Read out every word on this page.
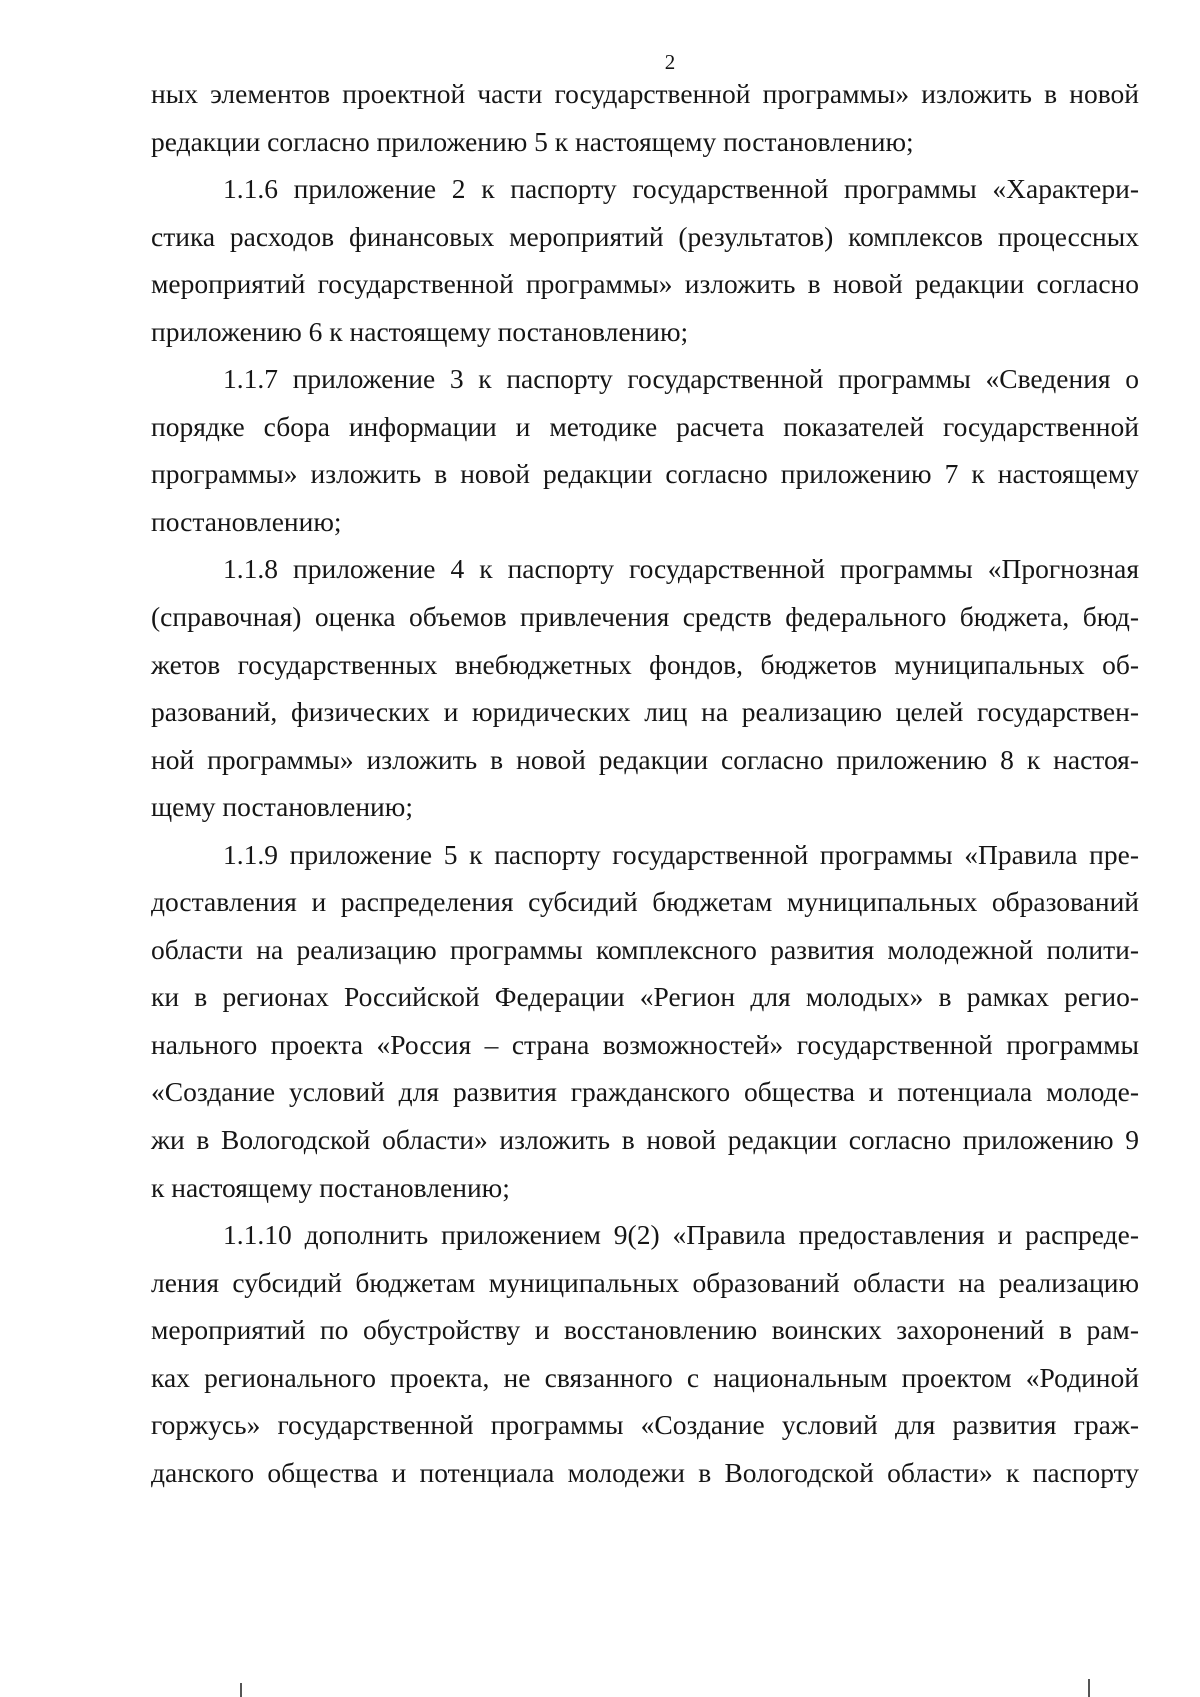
2
ных элементов проектной части государственной программы» изложить в новой
редакции согласно приложению 5 к настоящему постановлению;
1.1.6 приложение 2 к паспорту государственной программы «Характери-
стика расходов финансовых мероприятий (результатов) комплексов процессных
мероприятий государственной программы» изложить в новой редакции согласно
приложению 6 к настоящему постановлению;
1.1.7 приложение 3 к паспорту государственной программы «Сведения о
порядке сбора информации и методике расчета показателей государственной
программы» изложить в новой редакции согласно приложению 7 к настоящему
постановлению;
1.1.8 приложение 4 к паспорту государственной программы «Прогнозная
(справочная) оценка объемов привлечения средств федерального бюджета, бюд-
жетов государственных внебюджетных фондов, бюджетов муниципальных об-
разований, физических и юридических лиц на реализацию целей государствен-
ной программы» изложить в новой редакции согласно приложению 8 к настоя-
щему постановлению;
1.1.9 приложение 5 к паспорту государственной программы «Правила пре-
доставления и распределения субсидий бюджетам муниципальных образований
области на реализацию программы комплексного развития молодежной полити-
ки в регионах Российской Федерации «Регион для молодых» в рамках регио-
нального проекта «Россия – страна возможностей» государственной программы
«Создание условий для развития гражданского общества и потенциала молоде-
жи в Вологодской области» изложить в новой редакции согласно приложению 9
к настоящему постановлению;
1.1.10 дополнить приложением 9(2) «Правила предоставления и распреде-
ления субсидий бюджетам муниципальных образований области на реализацию
мероприятий по обустройству и восстановлению воинских захоронений в рам-
ках регионального проекта, не связанного с национальным проектом «Родиной
горжусь» государственной программы «Создание условий для развития граж-
данского общества и потенциала молодежи в Вологодской области» к паспорту
